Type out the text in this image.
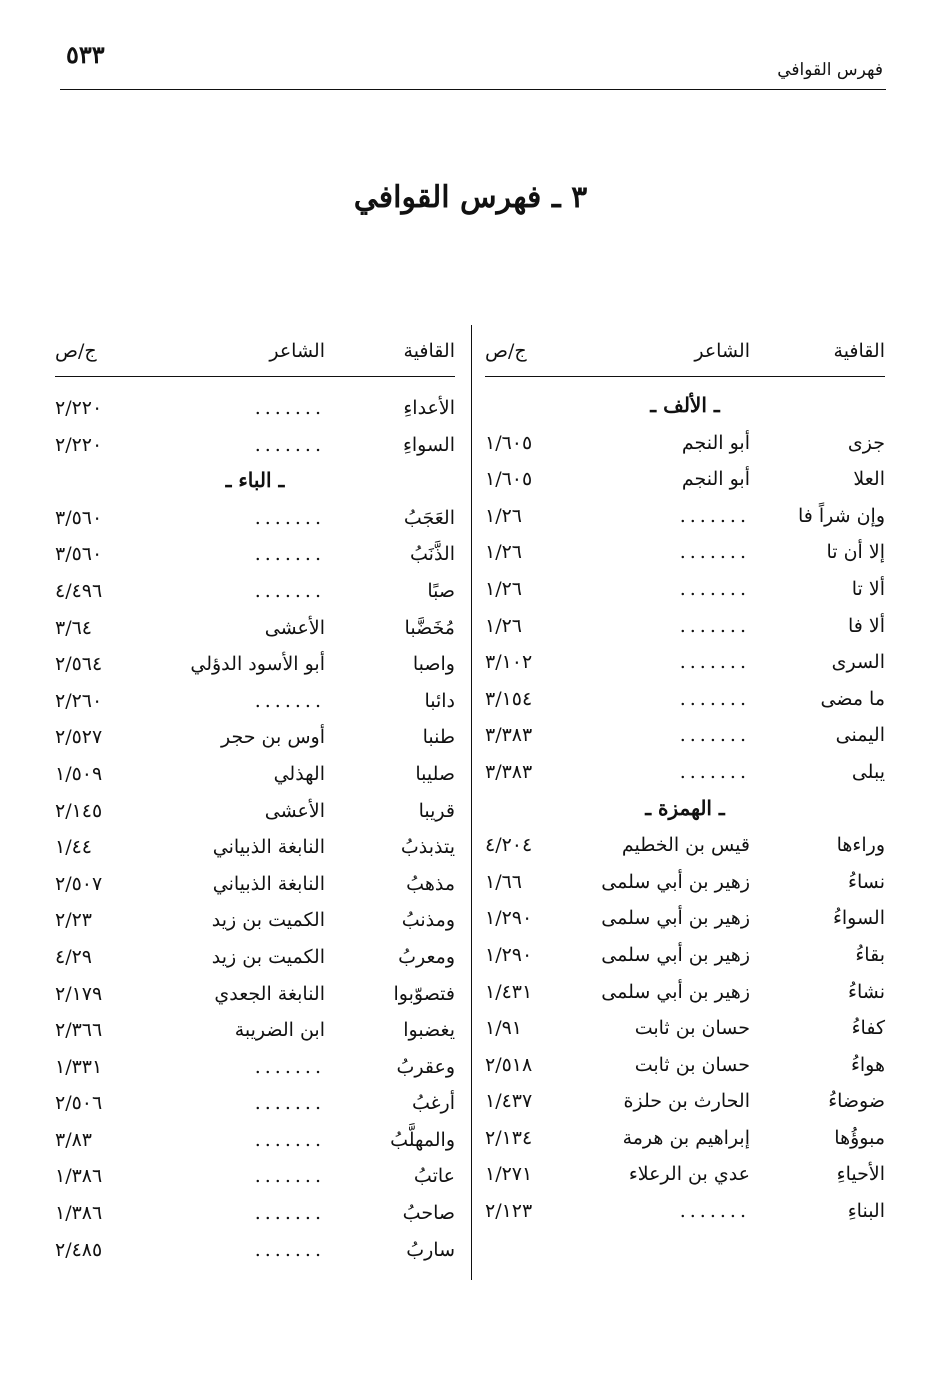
٥٣٣
فهرس القوافي
٣ ـ فهرس القوافي
القافية
الشاعر
ج/ص
ـ الألف ـ
جزى
أبو النجم
١/٦٠٥
العلا
أبو النجم
١/٦٠٥
وإن شراً فا
.......
١/٢٦
إلا أن تا
.......
١/٢٦
ألا تا
.......
١/٢٦
ألا فا
.......
١/٢٦
السرى
.......
٣/١٠٢
ما مضى
.......
٣/١٥٤
اليمنى
.......
٣/٣٨٣
يبلى
.......
٣/٣٨٣
ـ الهمزة ـ
وراءها
قيس بن الخطيم
٤/٢٠٤
نساءُ
زهير بن أبي سلمى
١/٦٦
السواءُ
زهير بن أبي سلمى
١/٢٩٠
بقاءُ
زهير بن أبي سلمى
١/٢٩٠
نشاءُ
زهير بن أبي سلمى
١/٤٣١
كفاءُ
حسان بن ثابت
١/٩١
هواءُ
حسان بن ثابت
٢/٥١٨
ضوضاءُ
الحارث بن حلزة
١/٤٣٧
مبوؤُها
إبراهيم بن هرمة
٢/١٣٤
الأحياءِ
عدي بن الرعلاء
١/٢٧١
البناءِ
.......
٢/١٢٣
القافية
الشاعر
ج/ص
الأعداءِ
.......
٢/٢٢٠
السواءِ
.......
٢/٢٢٠
ـ الباء ـ
العَجَبُ
.......
٣/٥٦٠
الذَّنَبُ
.......
٣/٥٦٠
صبًا
.......
٤/٤٩٦
مُخَضَّبا
الأعشى
٣/٦٤
واصبا
أبو الأسود الدؤلي
٢/٥٦٤
دائبا
.......
٢/٢٦٠
طنبا
أوس بن حجر
٢/٥٢٧
صليبا
الهذلي
١/٥٠٩
قريبا
الأعشى
٢/١٤٥
يتذبذبُ
النابغة الذبياني
١/٤٤
مذهبُ
النابغة الذبياني
٢/٥٠٧
ومذنبُ
الكميت بن زيد
٢/٢٣
ومعربُ
الكميت بن زيد
٤/٢٩
فتصوّبوا
النابغة الجعدي
٢/١٧٩
يغضبوا
ابن الضريبة
٢/٣٦٦
وعقربُ
.......
١/٣٣١
أرغبُ
.......
٢/٥٠٦
والمهلَّبُ
.......
٣/٨٣
عاتبُ
.......
١/٣٨٦
صاحبُ
.......
١/٣٨٦
ساربُ
.......
٢/٤٨٥
